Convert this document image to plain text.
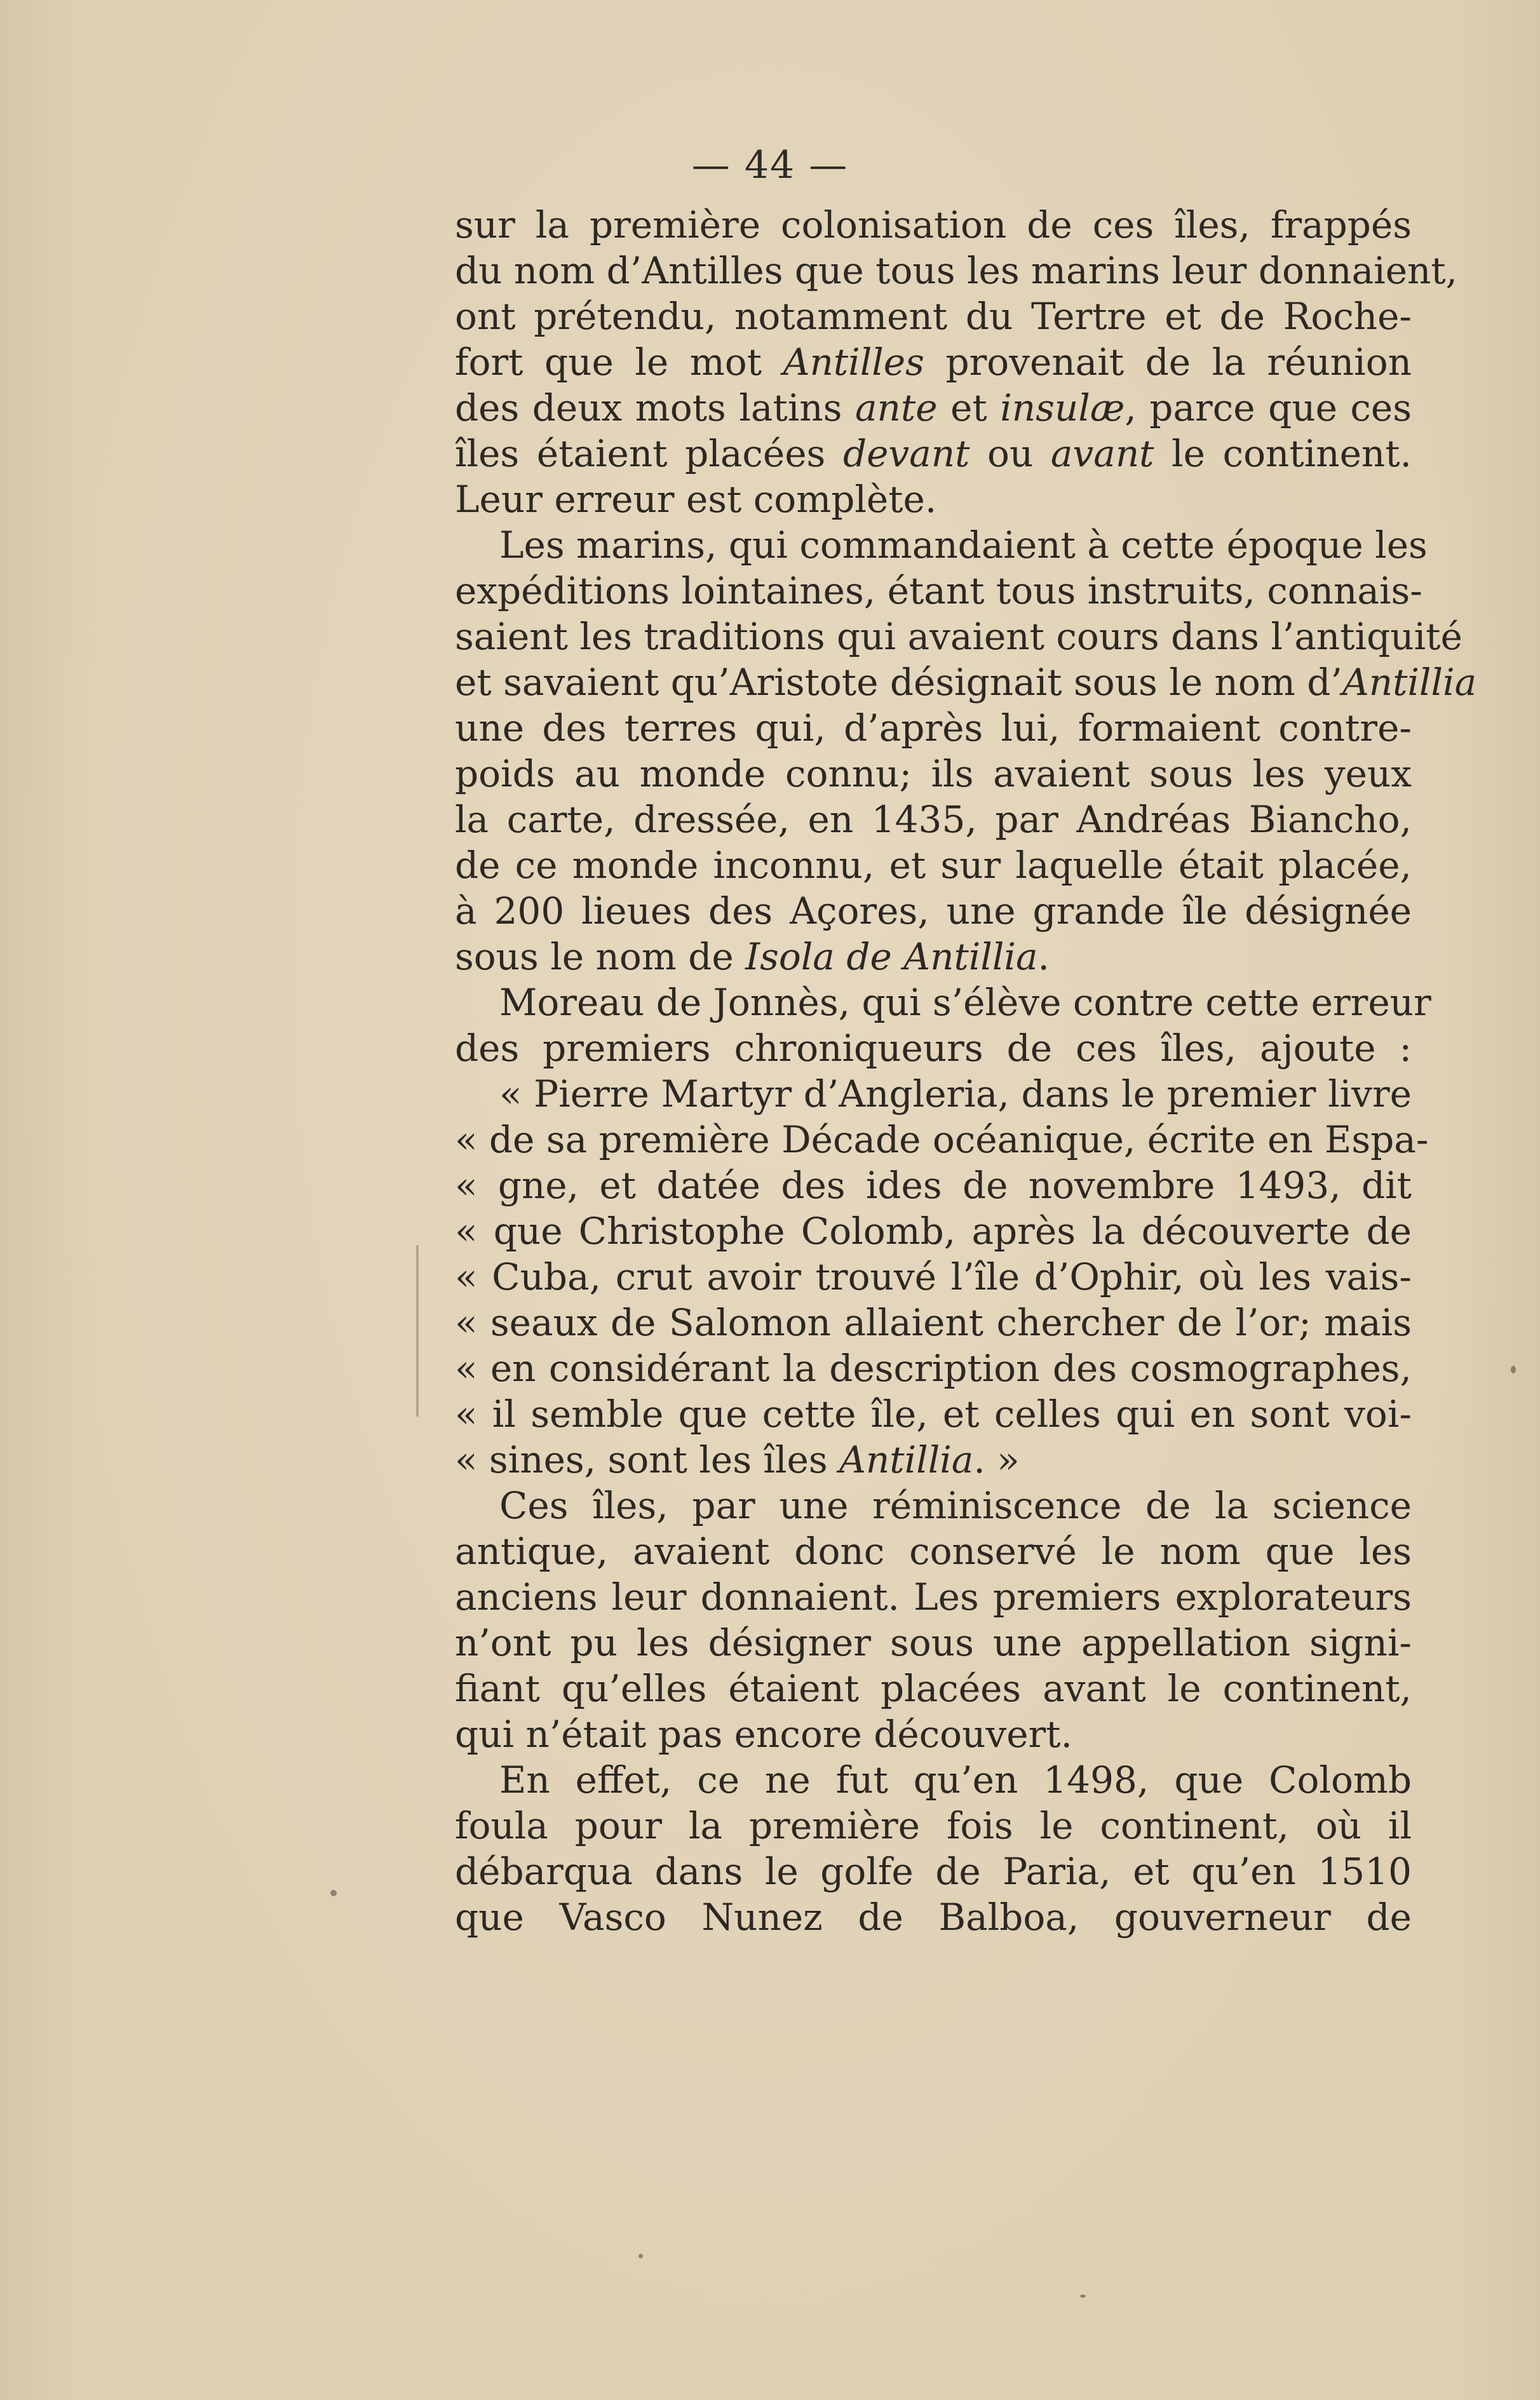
— 44 —
sur la première colonisation de ces îles, frappés
du nom d’Antilles que tous les marins leur donnaient,
ont prétendu, notamment du Tertre et de Roche-
fort que le mot Antilles provenait de la réunion
des deux mots latins ante et insulæ, parce que ces
îles étaient placées devant ou avant le continent.
Leur erreur est complète.
Les marins, qui commandaient à cette époque les
expéditions lointaines, étant tous instruits, connais-
saient les traditions qui avaient cours dans l’antiquité
et savaient qu’Aristote désignait sous le nom d’Antillia
une des terres qui, d’après lui, formaient contre-
poids au monde connu; ils avaient sous les yeux
la carte, dressée, en 1435, par Andréas Biancho,
de ce monde inconnu, et sur laquelle était placée,
à 200 lieues des Açores, une grande île désignée
sous le nom de Isola de Antillia.
Moreau de Jonnès, qui s’élève contre cette erreur
des premiers chroniqueurs de ces îles, ajoute :
« Pierre Martyr d’Angleria, dans le premier livre
« de sa première Décade océanique, écrite en Espa-
« gne, et datée des ides de novembre 1493, dit
« que Christophe Colomb, après la découverte de
« Cuba, crut avoir trouvé l’île d’Ophir, où les vais-
« seaux de Salomon allaient chercher de l’or; mais
« en considérant la description des cosmographes,
« il semble que cette île, et celles qui en sont voi-
« sines, sont les îles Antillia. »
Ces îles, par une réminiscence de la science
antique, avaient donc conservé le nom que les
anciens leur donnaient. Les premiers explorateurs
n’ont pu les désigner sous une appellation signi-
fiant qu’elles étaient placées avant le continent,
qui n’était pas encore découvert.
En effet, ce ne fut qu’en 1498, que Colomb
foula pour la première fois le continent, où il
débarqua dans le golfe de Paria, et qu’en 1510
que Vasco Nunez de Balboa, gouverneur de
